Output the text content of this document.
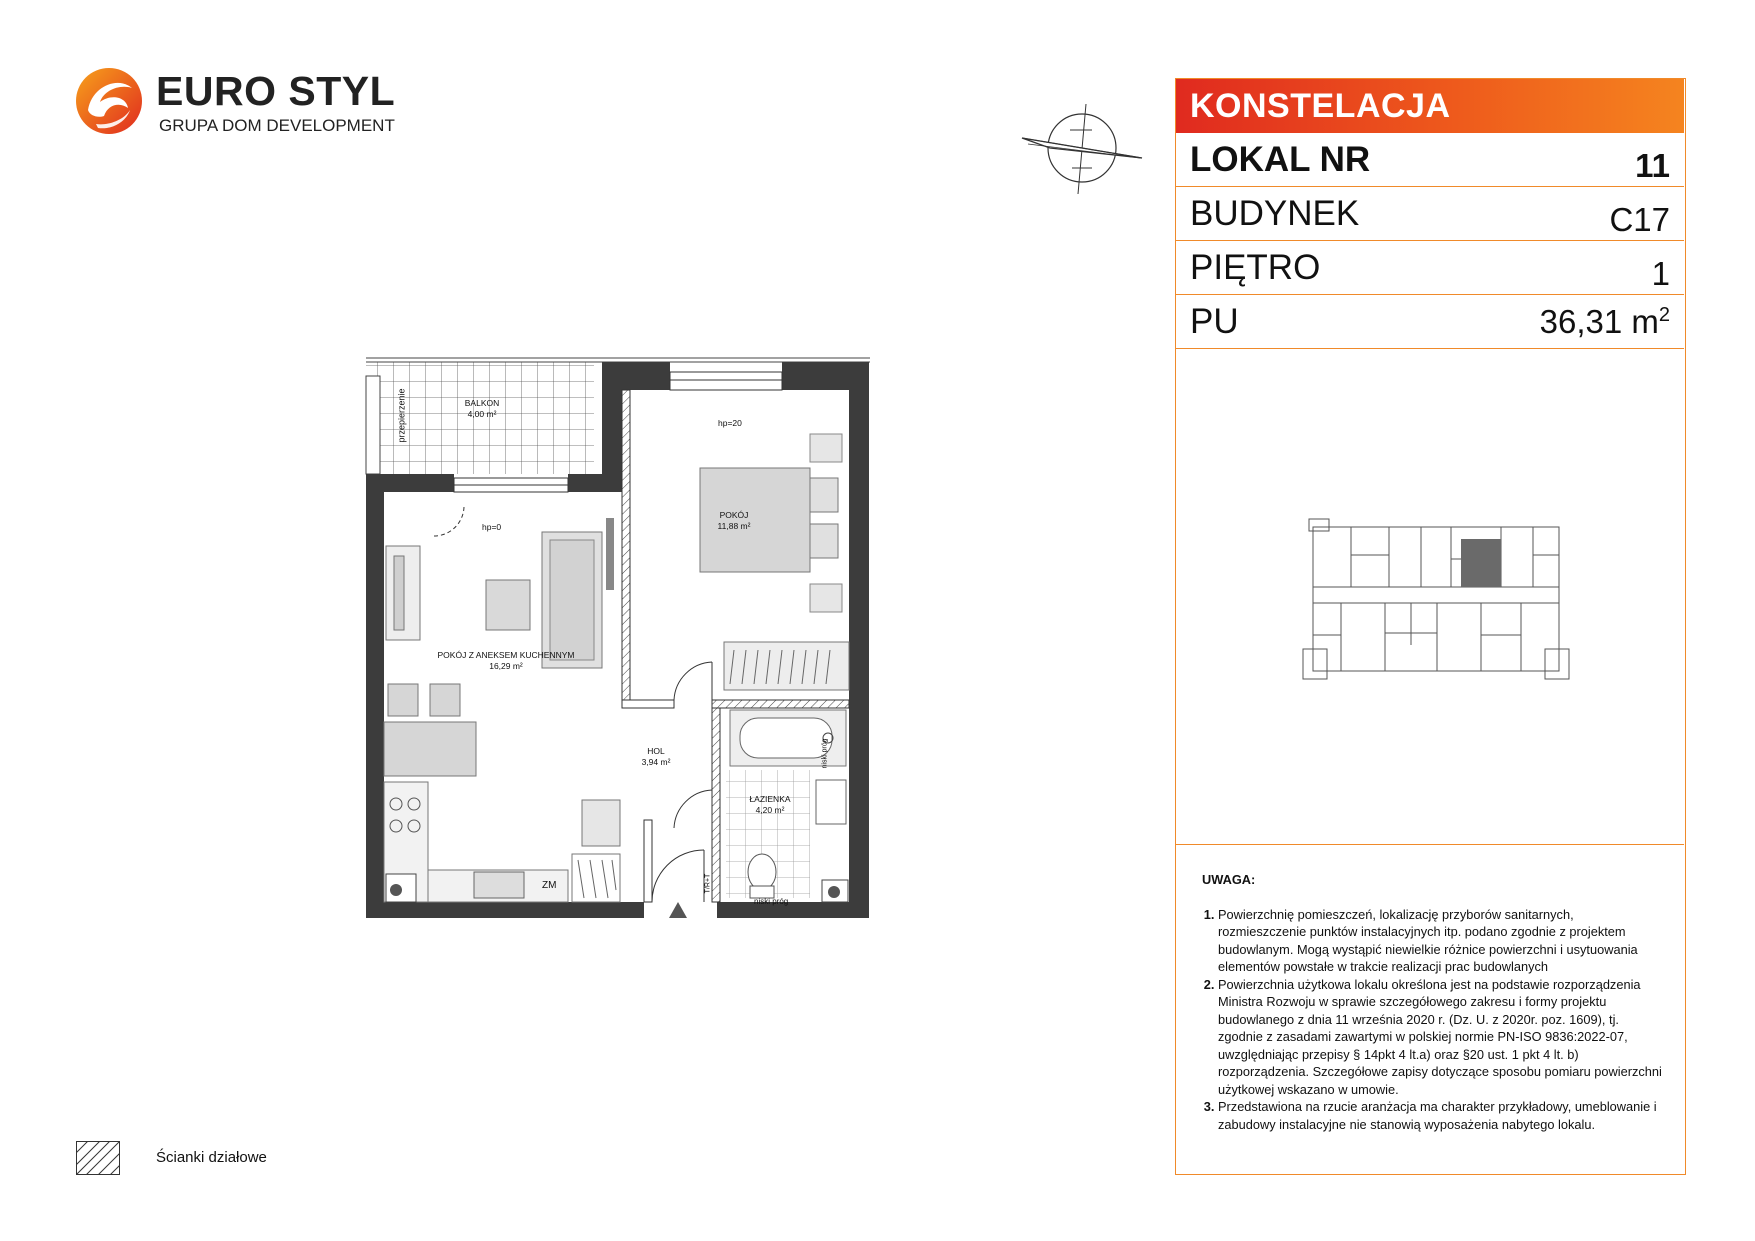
EURO STYL
GRUPA DOM DEVELOPMENT
BALKON
4,00 m²
przepierzenie	hp=20
hp=0
POKÓJ
11,88 m²
POKÓJ Z ANEKSEM KUCHENNYM
16,29 m²
HOL
3,94 m²
ŁAZIENKA
4,20 m²
ZM
niski próg
T/R+T
niski próg
KONSTELACJA
LOKAL NR	11
BUDYNEK	C17
PIĘTRO	1
PU	36,31 $m^2$
UWAGA:
1. Powierzchnię pomieszczeń, lokalizację przyborów sanitarnych, rozmieszczenie punktów instalacyjnych itp. podano zgodnie z projektem budowlanym. Mogą wystąpić niewielkie różnice powierzchni i usytuowania elementów powstałe w trakcie realizacji prac budowlanych
2. Powierzchnia użytkowa lokalu określona jest na podstawie rozporządzenia Ministra Rozwoju w sprawie szczegółowego zakresu i formy projektu budowlanego z dnia 11 września 2020 r. (Dz. U. z 2020r. poz. 1609), tj. zgodnie z zasadami zawartymi w polskiej normie PN-ISO 9836:2022-07, uwzględniając przepisy § 14pkt 4 lt.a) oraz §20 ust. 1 pkt 4 lt. b) rozporządzenia. Szczegółowe zapisy dotyczące sposobu pomiaru powierzchni użytkowej wskazano w umowie.
3. Przedstawiona na rzucie aranżacja ma charakter przykładowy, umeblowanie i zabudowy instalacyjne nie stanowią wyposażenia nabytego lokalu.
Ścianki działowe
